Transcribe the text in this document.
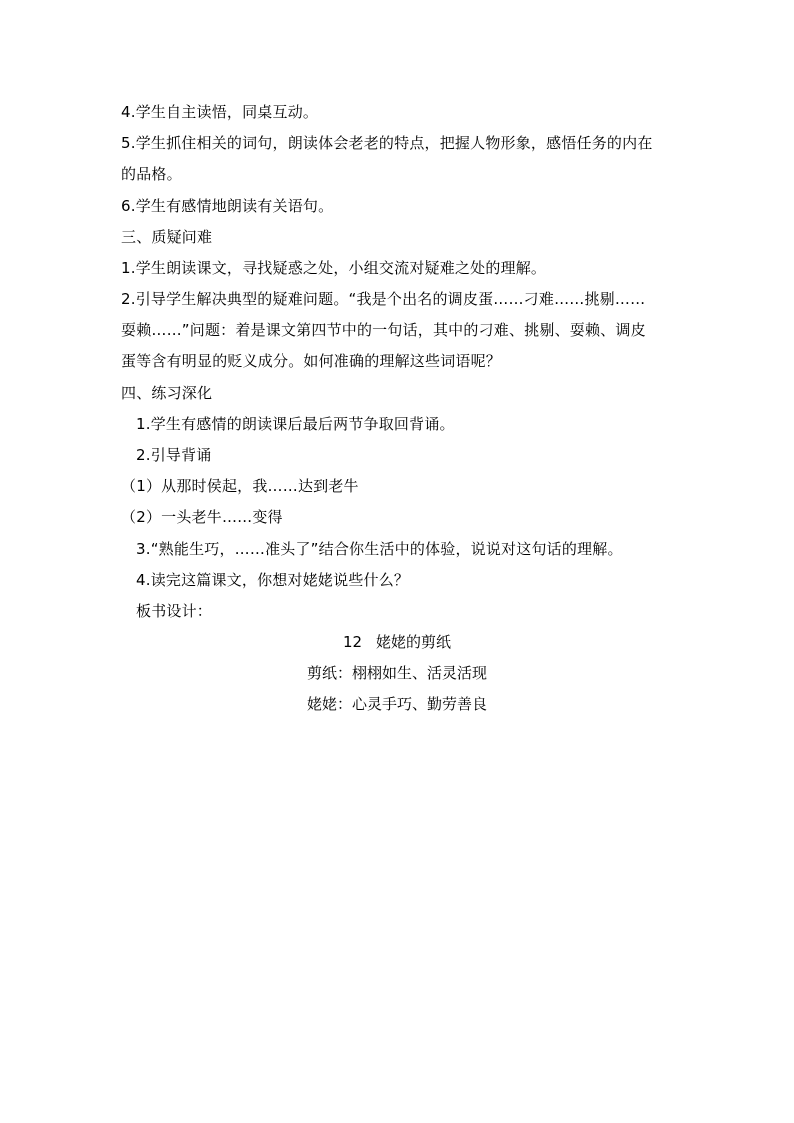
4.学生自主读悟，同桌互动。
5.学生抓住相关的词句，朗读体会老老的特点，把握人物形象，感悟任务的内在
的品格。
6.学生有感情地朗读有关语句。
三、质疑问难
1.学生朗读课文，寻找疑惑之处，小组交流对疑难之处的理解。
2.引导学生解决典型的疑难问题。“我是个出名的调皮蛋……刁难……挑剔……
耍赖……”问题：着是课文第四节中的一句话，其中的刁难、挑剔、耍赖、调皮
蛋等含有明显的贬义成分。如何准确的理解这些词语呢？
四、练习深化
1.学生有感情的朗读课后最后两节争取回背诵。
2.引导背诵
（1）从那时侯起，我……达到老牛
（2）一头老牛……变得
3.“熟能生巧，……准头了”结合你生活中的体验，说说对这句话的理解。
4.读完这篇课文，你想对姥姥说些什么？
板书设计：
12 姥姥的剪纸
剪纸：栩栩如生、活灵活现
姥姥：心灵手巧、勤劳善良
